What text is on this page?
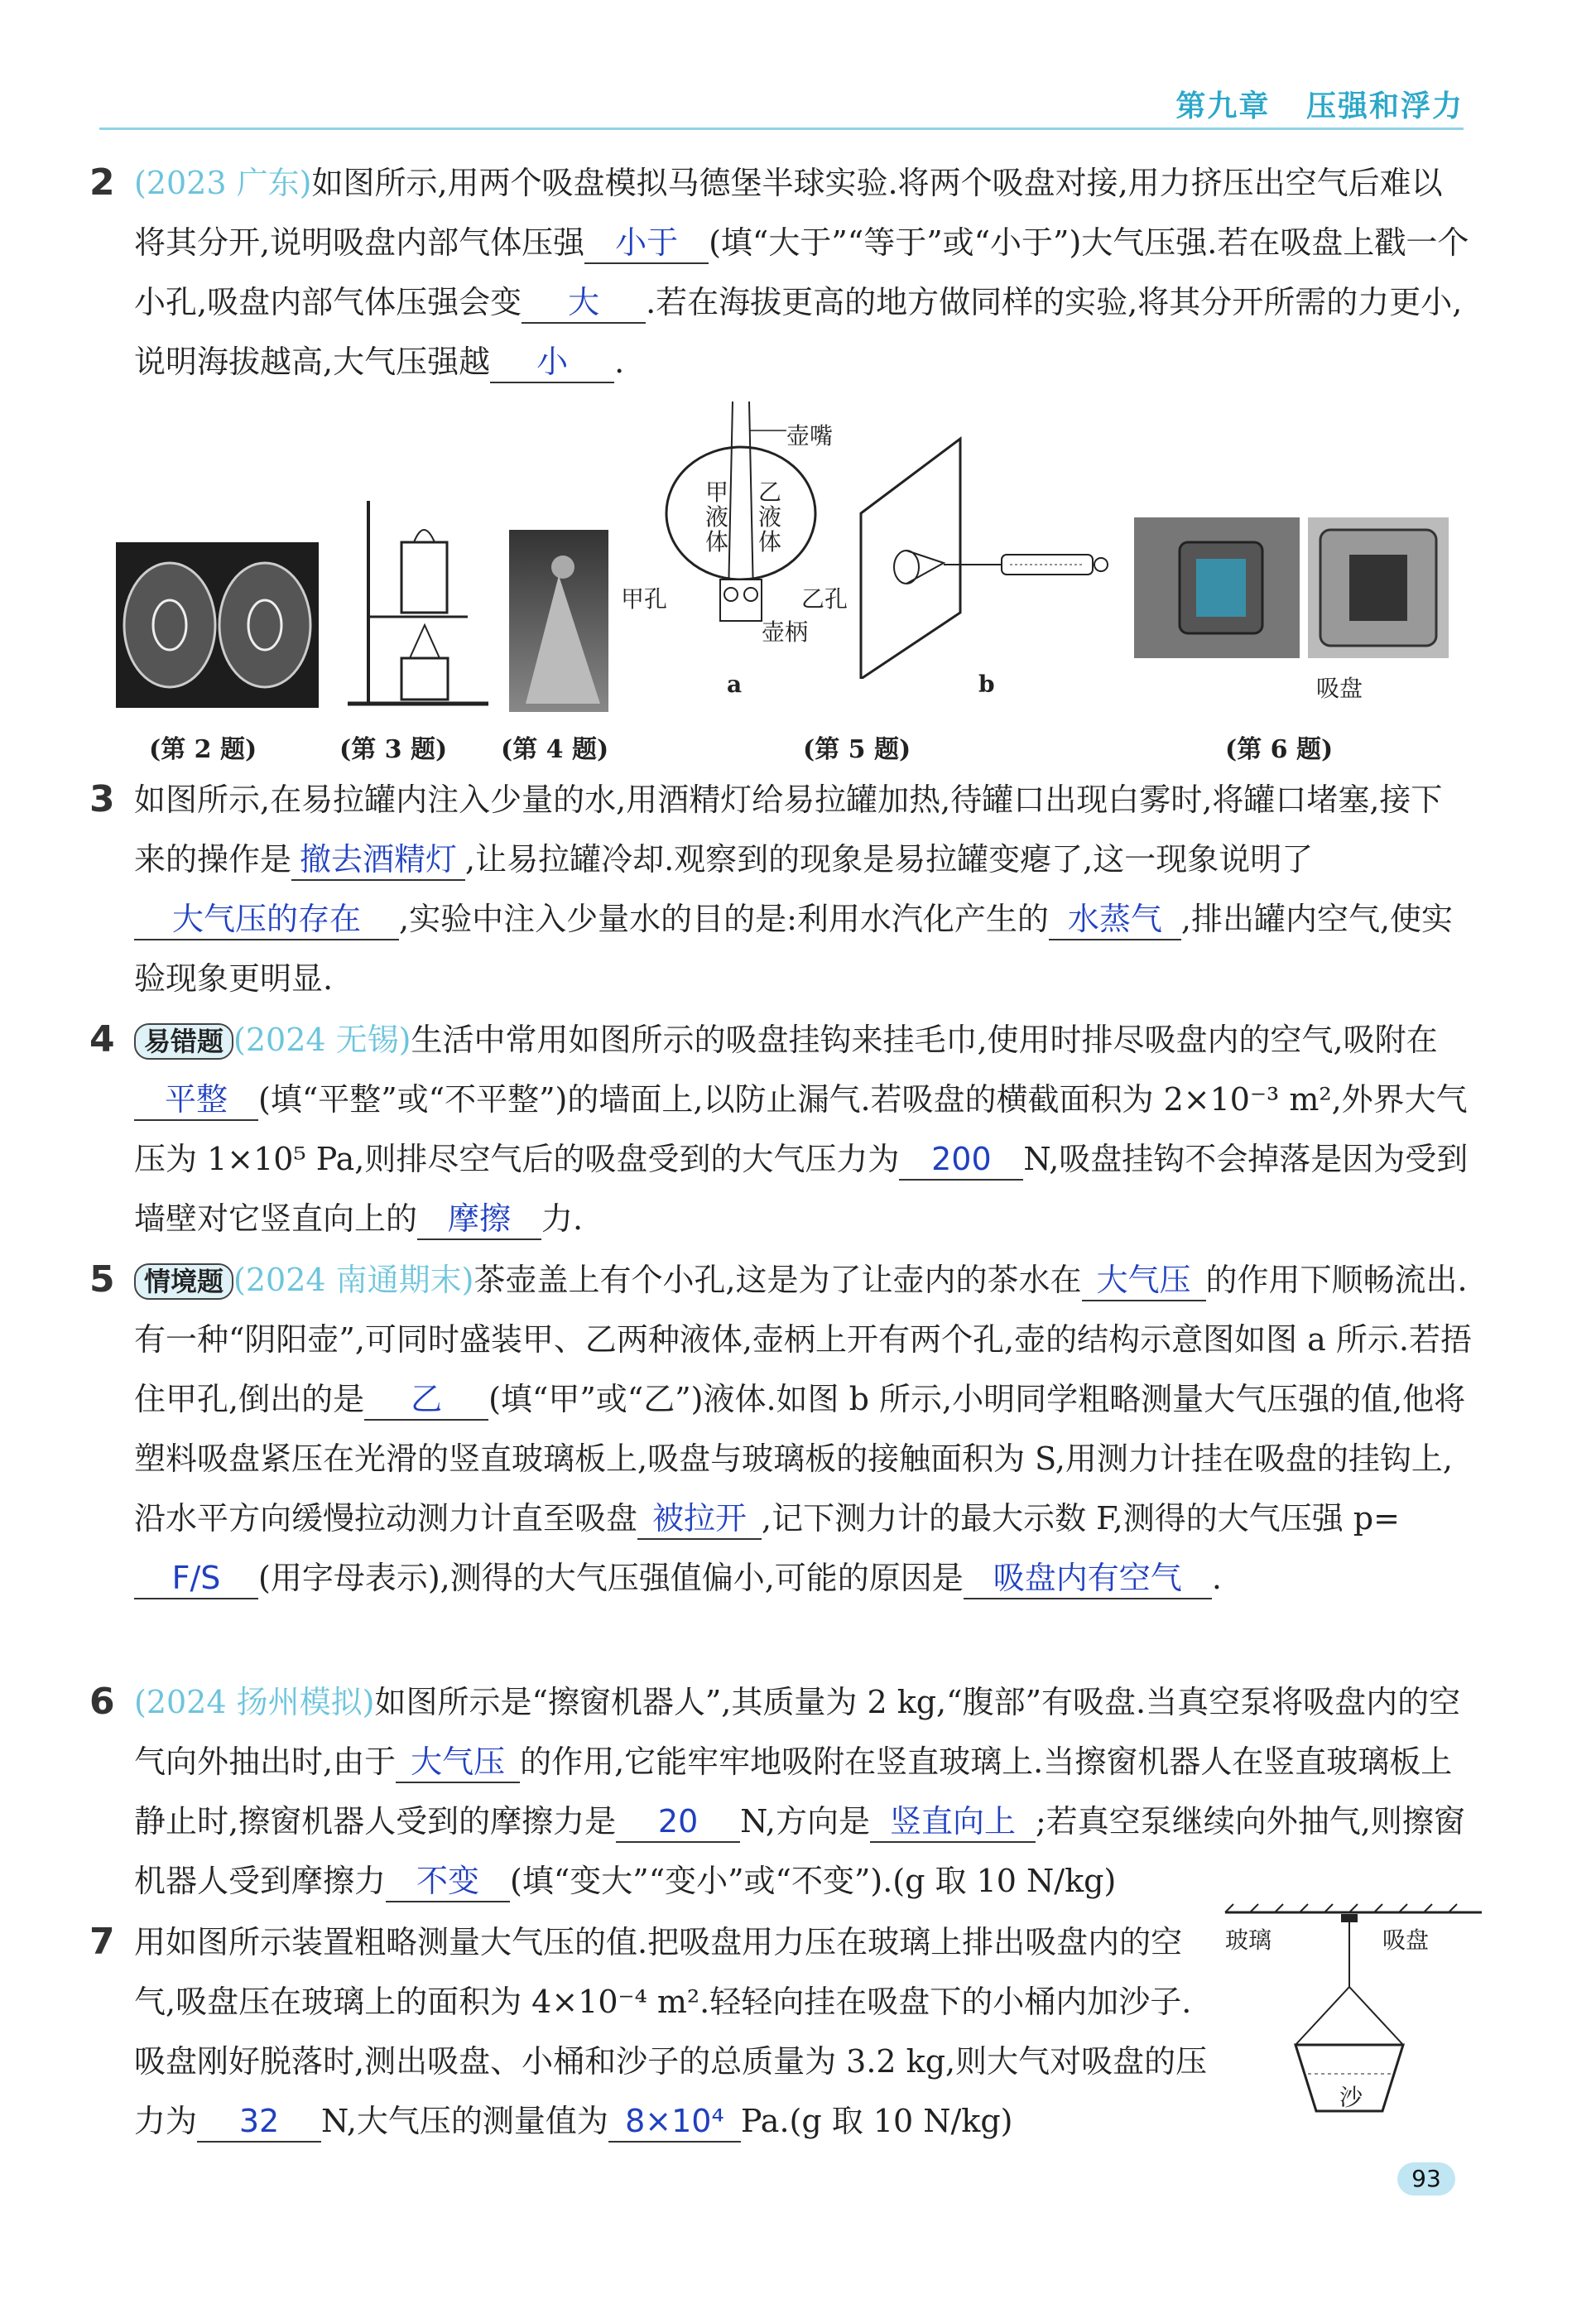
第九章 压强和浮力
2 (2023 广东)如图所示,用两个吸盘模拟马德堡半球实验.将两个吸盘对接,用力挤压出空气后难以将其分开,说明吸盘内部气体压强 小于 (填“大于”“等于”或“小于”)大气压强.若在吸盘上戳一个小孔,吸盘内部气体压强会变 大 .若在海拔更高的地方做同样的实验,将其分开所需的力更小,说明海拔越高,大气压强越 小 .
(第 2 题)	(第 3 题) (第 4 题)
壶嘴
甲液体
乙液体
甲孔	乙孔
壶柄
a	b
(第 5 题)
吸盘
(第 6 题)
3 如图所示,在易拉罐内注入少量的水,用酒精灯给易拉罐加热,待罐口出现白雾时,将罐口堵塞,接下来的操作是 撤去酒精灯 ,让易拉罐冷却.观察到的现象是易拉罐变瘪了,这一现象说明了大气压的存在 ,实验中注入少量水的目的是:利用水汽化产生的 水蒸气 ,排出罐内空气,使实验现象更明显.
4	易错题 (2024 无锡)生活中常用如图所示的吸盘挂钩来挂毛巾,使用时排尽吸盘内的空气,吸附在平整 (填“平整”或“不平整”)的墙面上,以防止漏气.若吸盘的横截面积为 2×10⁻³ m²,外界大气压为 1×10⁵ Pa,则排尽空气后的吸盘受到的大气压力为 200 N,吸盘挂钩不会掉落是因为受到墙壁对它竖直向上的 摩擦 力.
5	情境题 (2024 南通期末)茶壶盖上有个小孔,这是为了让壶内的茶水在 大气压 的作用下顺畅流出.有一种“阴阳壶”,可同时盛装甲、乙两种液体,壶柄上开有两个孔,壶的结构示意图如图 a 所示.若捂住甲孔,倒出的是 乙 (填“甲”或“乙”)液体.如图 b 所示,小明同学粗略测量大气压强的值,他将塑料吸盘紧压在光滑的竖直玻璃板上,吸盘与玻璃板的接触面积为 S,用测力计挂在吸盘的挂钩上,沿水平方向缓慢拉动测力计直至吸盘 被拉开 ,记下测力计的最大示数 F,测得的大气压强 p=F/S (用字母表示),测得的大气压强值偏小,可能的原因是 吸盘内有空气 .
6 (2024 扬州模拟)如图所示是“擦窗机器人”,其质量为 2 kg,“腹部”有吸盘.当真空泵将吸盘内的空气向外抽出时,由于 大气压 的作用,它能牢牢地吸附在竖直玻璃上.当擦窗机器人在竖直玻璃板上静止时,擦窗机器人受到的摩擦力是 20 N,方向是 竖直向上 ;若真空泵继续向外抽气,则擦窗机器人受到摩擦力 不变 (填“变大”“变小”或“不变”).(g 取 10 N/kg)
7 用如图所示装置粗略测量大气压的值.把吸盘用力压在玻璃上排出吸盘内的空气,吸盘压在玻璃上的面积为 4×10⁻⁴ m².轻轻向挂在吸盘下的小桶内加沙子.吸盘刚好脱落时,测出吸盘、小桶和沙子的总质量为 3.2 kg,则大气对吸盘的压力为 32 N,大气压的测量值为 8×10⁴ Pa.(g 取 10 N/kg)
玻璃	吸盘
沙
93
